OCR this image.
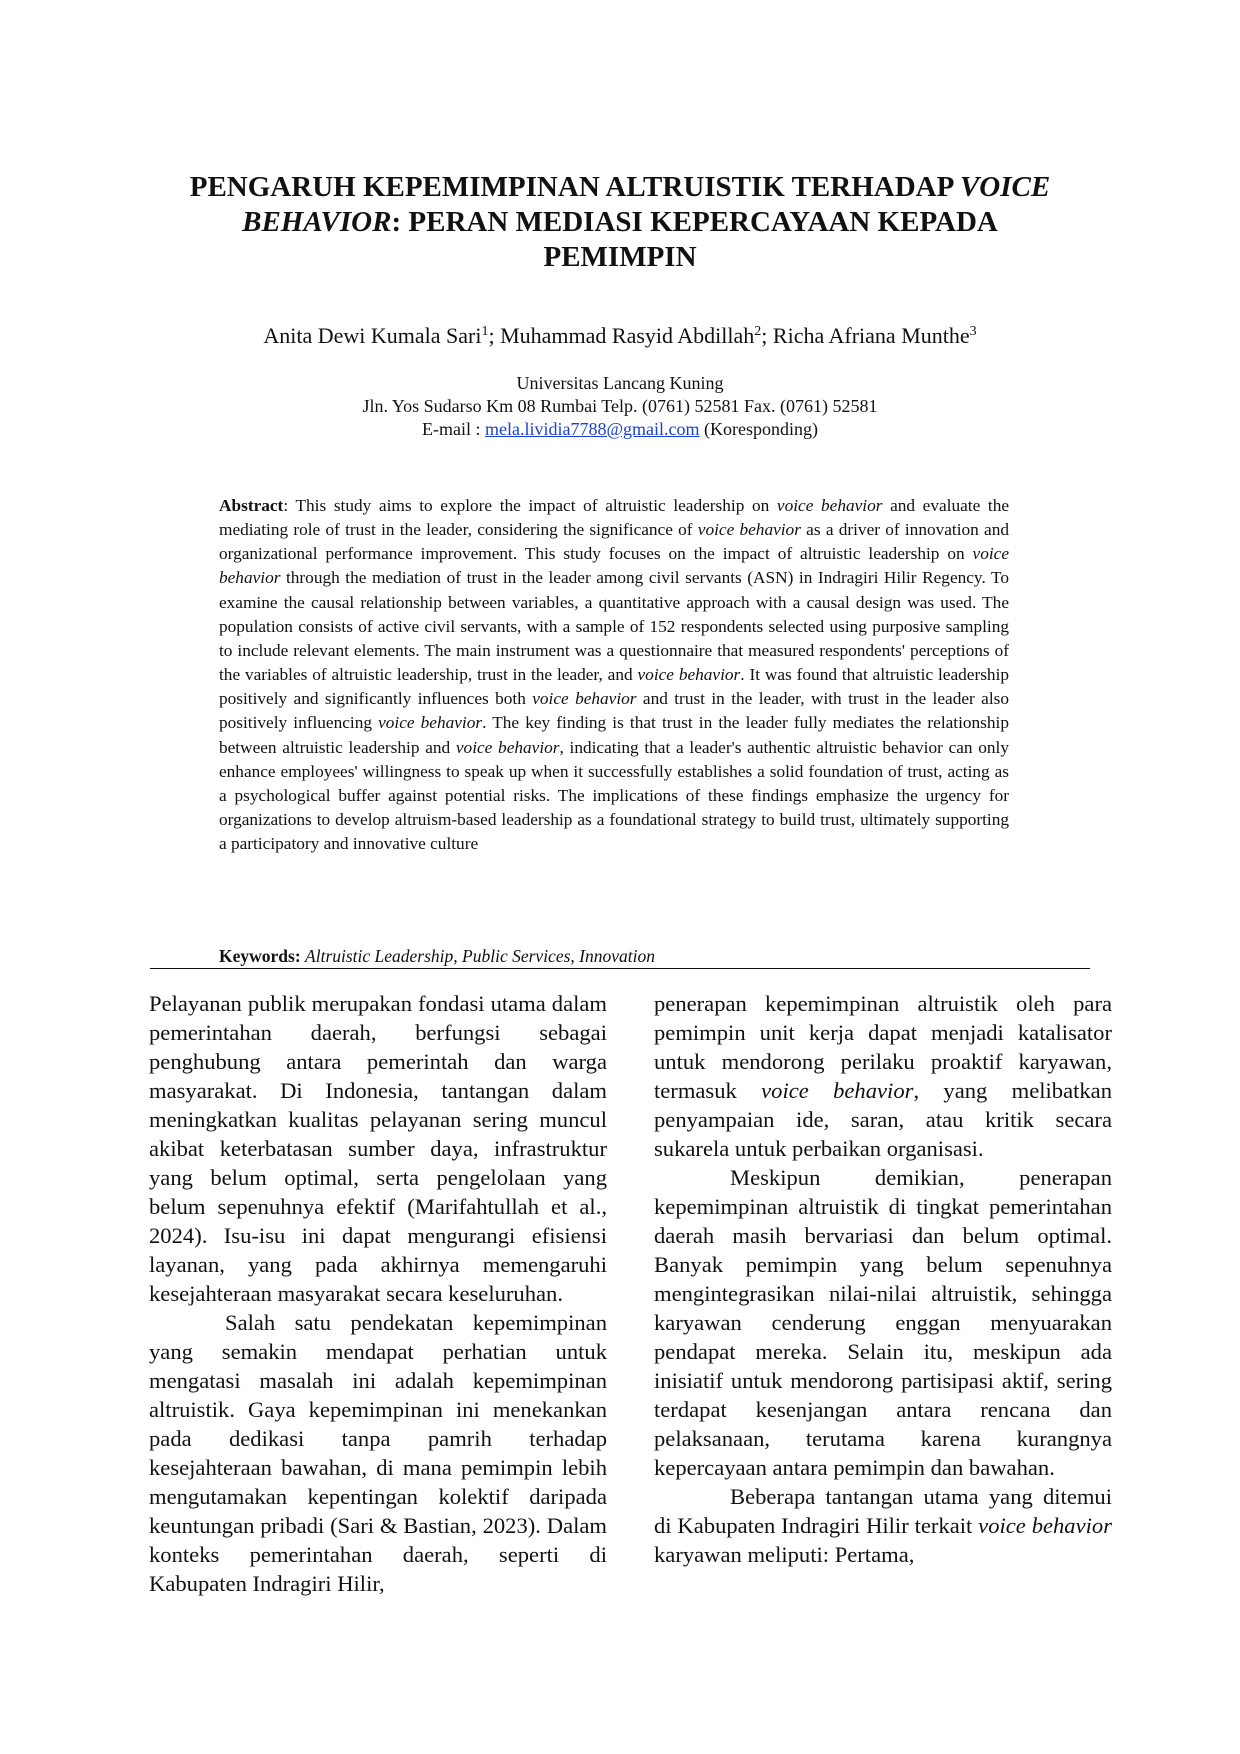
PENGARUH KEPEMIMPINAN ALTRUISTIK TERHADAP VOICE
BEHAVIOR: PERAN MEDIASI KEPERCAYAAN KEPADA
PEMIMPIN
Anita Dewi Kumala Sari$^1$; Muhammad Rasyid Abdillah$^2$; Richa Afriana Munthe$^3$
Universitas Lancang Kuning
Jln. Yos Sudarso Km 08 Rumbai Telp. (0761) 52581 Fax. (0761) 52581
E-mail : mela.lividia7788@gmail.com (Koresponding)

Abstract: This study aims to explore the impact of altruistic leadership on voice behavior and evaluate the mediating role of trust in the leader, considering the significance of voice behavior as a driver of innovation and organizational performance improvement. This study focuses on the impact of altruistic leadership on voice behavior through the mediation of trust in the leader among civil servants (ASN) in Indragiri Hilir Regency. To examine the causal relationship between variables, a quantitative approach with a causal design was used. The population consists of active civil servants, with a sample of 152 respondents selected using purposive sampling to include relevant elements. The main instrument was a questionnaire that measured respondents' perceptions of the variables of altruistic leadership, trust in the leader, and voice behavior. It was found that altruistic leadership positively and significantly influences both voice behavior and trust in the leader, with trust in the leader also positively influencing voice behavior. The key finding is that trust in the leader fully mediates the relationship between altruistic leadership and voice behavior, indicating that a leader's authentic altruistic behavior can only enhance employees' willingness to speak up when it successfully establishes a solid foundation of trust, acting as a psychological buffer against potential risks. The implications of these findings emphasize the urgency for organizations to develop altruism-based leadership as a foundational strategy to build trust, ultimately supporting a participatory and innovative culture

Keywords: Altruistic Leadership, Public Services, Innovation

Pelayanan publik merupakan fondasi utama dalam pemerintahan daerah, berfungsi sebagai penghubung antara pemerintah dan warga masyarakat. Di Indonesia, tantangan dalam meningkatkan kualitas pelayanan sering muncul akibat keterbatasan sumber daya, infrastruktur yang belum optimal, serta pengelolaan yang belum sepenuhnya efektif (Marifahtullah et al., 2024). Isu-isu ini dapat mengurangi efisiensi layanan, yang pada akhirnya memengaruhi kesejahteraan masyarakat secara keseluruhan.

Salah satu pendekatan kepemimpinan yang semakin mendapat perhatian untuk mengatasi masalah ini adalah kepemimpinan altruistik. Gaya kepemimpinan ini menekankan pada dedikasi tanpa pamrih terhadap kesejahteraan bawahan, di mana pemimpin lebih mengutamakan kepentingan kolektif daripada keuntungan pribadi (Sari & Bastian, 2023). Dalam konteks pemerintahan daerah, seperti di Kabupaten Indragiri Hilir,

penerapan kepemimpinan altruistik oleh para pemimpin unit kerja dapat menjadi katalisator untuk mendorong perilaku proaktif karyawan, termasuk voice behavior, yang melibatkan penyampaian ide, saran, atau kritik secara sukarela untuk perbaikan organisasi.

Meskipun demikian, penerapan kepemimpinan altruistik di tingkat pemerintahan daerah masih bervariasi dan belum optimal. Banyak pemimpin yang belum sepenuhnya mengintegrasikan nilai-nilai altruistik, sehingga karyawan cenderung enggan menyuarakan pendapat mereka. Selain itu, meskipun ada inisiatif untuk mendorong partisipasi aktif, sering terdapat kesenjangan antara rencana dan pelaksanaan, terutama karena kurangnya kepercayaan antara pemimpin dan bawahan.

Beberapa tantangan utama yang ditemui di Kabupaten Indragiri Hilir terkait voice behavior karyawan meliputi: Pertama,
